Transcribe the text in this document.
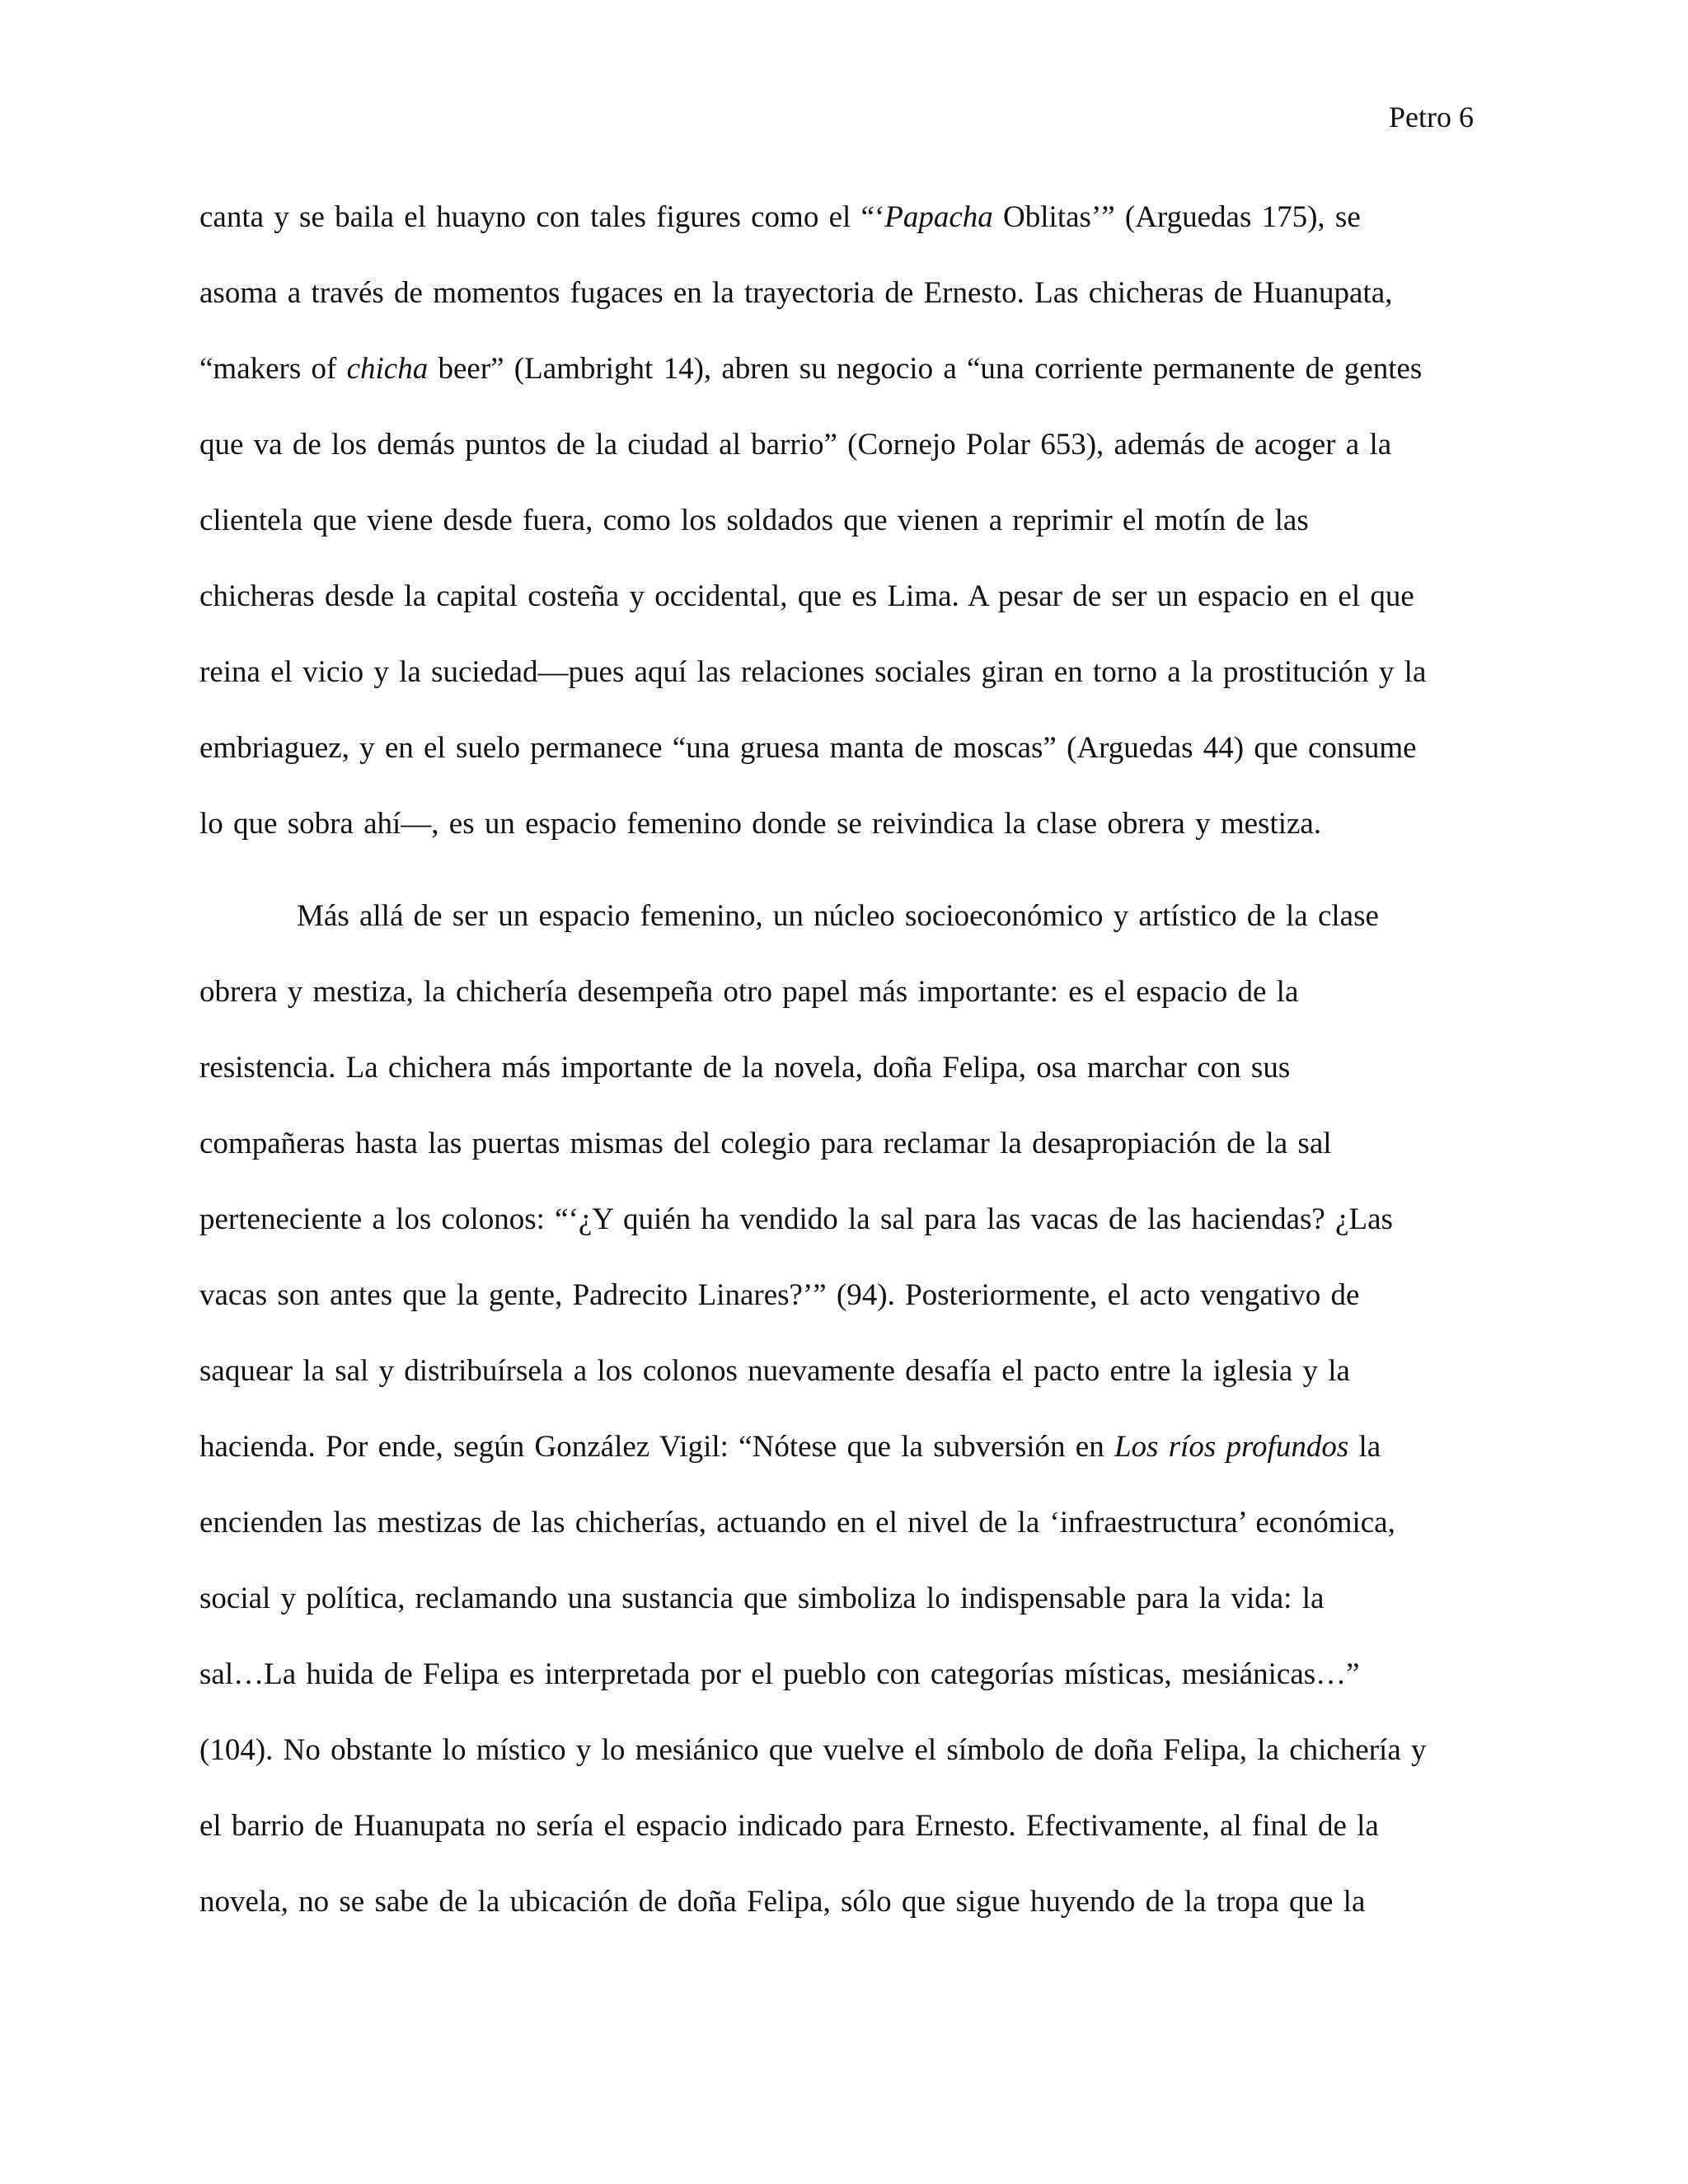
Petro 6
canta y se baila el huayno con tales figures como el “‘Papacha Oblitas’” (Arguedas 175), se
asoma a través de momentos fugaces en la trayectoria de Ernesto. Las chicheras de Huanupata,
“makers of chicha beer” (Lambright 14), abren su negocio a “una corriente permanente de gentes
que va de los demás puntos de la ciudad al barrio” (Cornejo Polar 653), además de acoger a la
clientela que viene desde fuera, como los soldados que vienen a reprimir el motín de las
chicheras desde la capital costeña y occidental, que es Lima. A pesar de ser un espacio en el que
reina el vicio y la suciedad—pues aquí las relaciones sociales giran en torno a la prostitución y la
embriaguez, y en el suelo permanece “una gruesa manta de moscas” (Arguedas 44) que consume
lo que sobra ahí—, es un espacio femenino donde se reivindica la clase obrera y mestiza.
Más allá de ser un espacio femenino, un núcleo socioeconómico y artístico de la clase
obrera y mestiza, la chichería desempeña otro papel más importante: es el espacio de la
resistencia. La chichera más importante de la novela, doña Felipa, osa marchar con sus
compañeras hasta las puertas mismas del colegio para reclamar la desapropiación de la sal
perteneciente a los colonos: “‘¿Y quién ha vendido la sal para las vacas de las haciendas? ¿Las
vacas son antes que la gente, Padrecito Linares?’” (94). Posteriormente, el acto vengativo de
saquear la sal y distribuírsela a los colonos nuevamente desafía el pacto entre la iglesia y la
hacienda. Por ende, según González Vigil: “Nótese que la subversión en Los ríos profundos la
encienden las mestizas de las chicherías, actuando en el nivel de la ‘infraestructura’ económica,
social y política, reclamando una sustancia que simboliza lo indispensable para la vida: la
sal…La huida de Felipa es interpretada por el pueblo con categorías místicas, mesiánicas…”
(104). No obstante lo místico y lo mesiánico que vuelve el símbolo de doña Felipa, la chichería y
el barrio de Huanupata no sería el espacio indicado para Ernesto. Efectivamente, al final de la
novela, no se sabe de la ubicación de doña Felipa, sólo que sigue huyendo de la tropa que la
